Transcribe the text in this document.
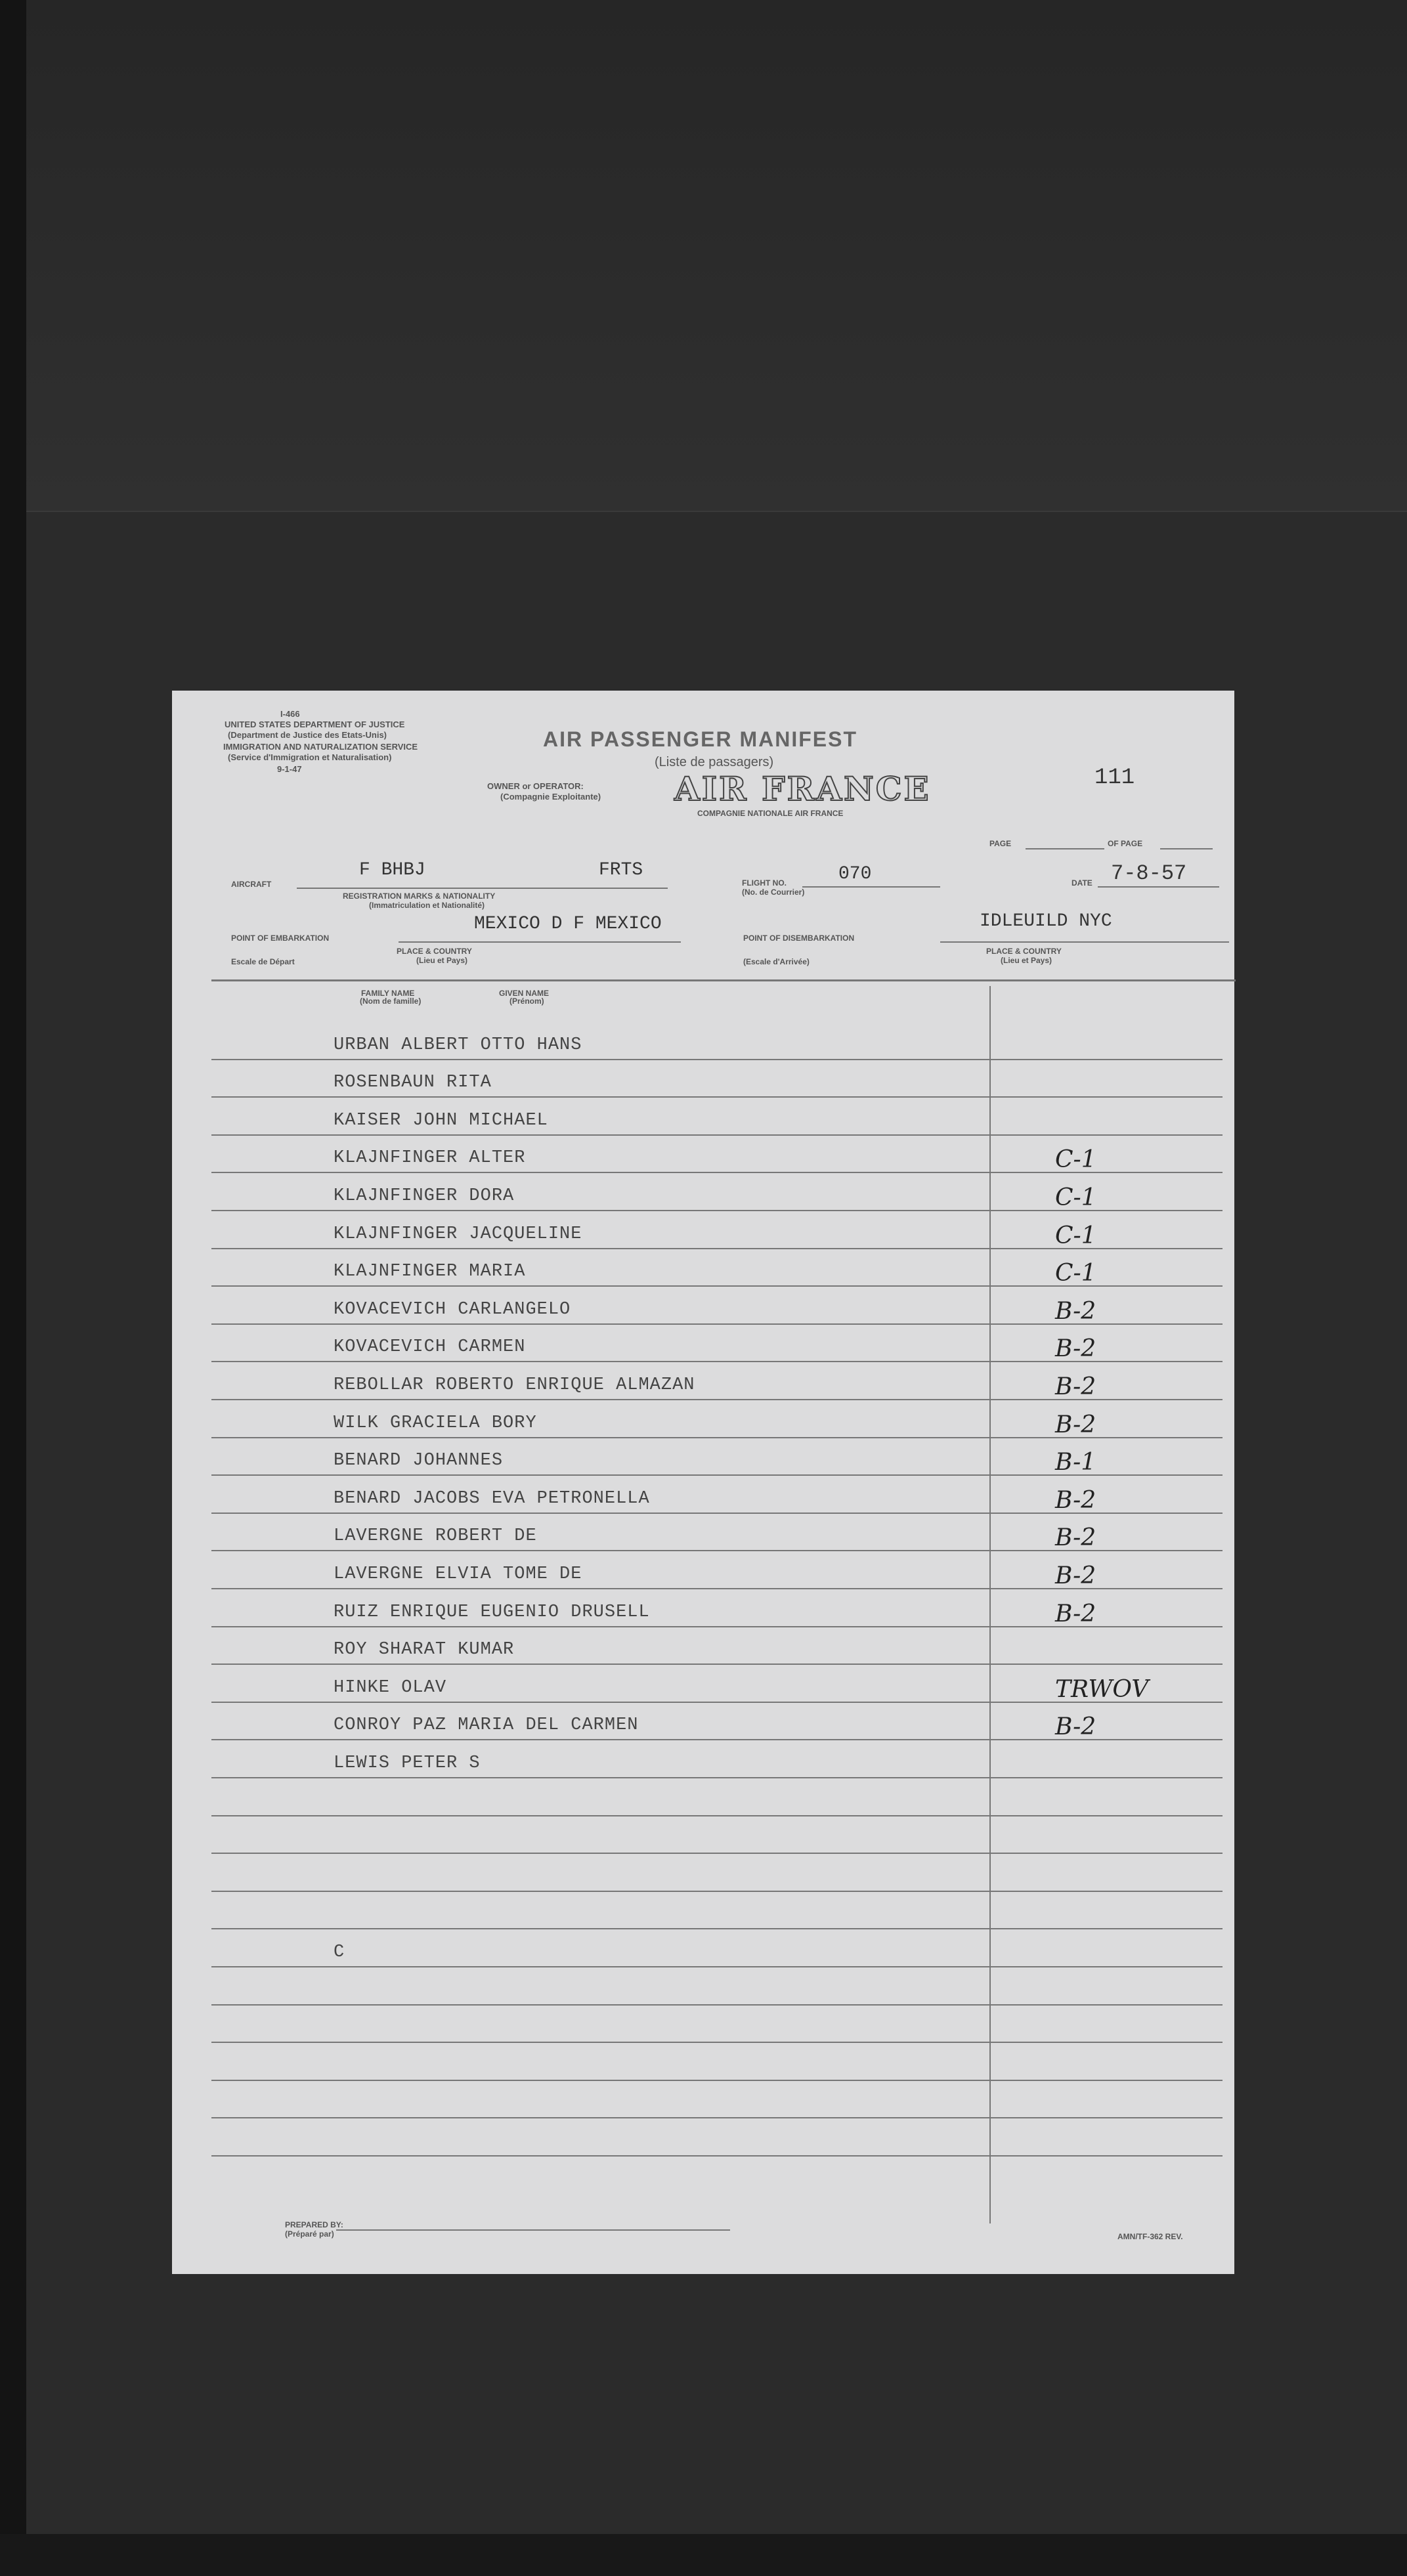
I-466
UNITED STATES DEPARTMENT OF JUSTICE
(Department de Justice des Etats-Unis)
IMMIGRATION AND NATURALIZATION SERVICE
(Service d'Immigration et Naturalisation)
9-1-47
AIR PASSENGER MANIFEST
(Liste de passagers)
OWNER or OPERATOR:
(Compagnie Exploitante) AIR FRANCE
COMPAGNIE NATIONALE AIR FRANCE
111
PAGE	OF PAGE
AIRCRAFT
F BHBJ	FRTS
REGISTRATION MARKS & NATIONALITY
(Immatriculation et Nationalité)
FLIGHT NO.
(No. de Courrier)
070	DATE 7-8-57
POINT OF EMBARKATION
MEXICO D F MEXICO
PLACE & COUNTRY
(Lieu et Pays)
Escale de Départ
POINT OF DISEMBARKATION
(Escale d'Arrivée)
IDLEUILD NYC
PLACE & COUNTRY
(Lieu et Pays)
FAMILY NAME
(Nom de famille)
GIVEN NAME
(Prénom)
URBAN ALBERT OTTO HANS
ROSENBAUN RITA
KAISER JOHN MICHAEL
KLAJNFINGER ALTER	C-1
KLAJNFINGER DORA	C-1
KLAJNFINGER JACQUELINE	C-1
KLAJNFINGER MARIA	C-1
KOVACEVICH CARLANGELO	B-2
KOVACEVICH CARMEN	B-2
REBOLLAR ROBERTO ENRIQUE ALMAZAN	B-2
WILK GRACIELA BORY	B-2
BENARD JOHANNES	B-1
BENARD JACOBS EVA PETRONELLA	B-2
LAVERGNE ROBERT DE	B-2
LAVERGNE ELVIA TOME DE	B-2
RUIZ ENRIQUE EUGENIO DRUSELL	B-2
ROY SHARAT KUMAR
HINKE OLAV	TRWOV
CONROY PAZ MARIA DEL CARMEN	B-2
LEWIS PETER S
C
PREPARED BY:
(Préparé par)	AMN/TF-362 REV.
